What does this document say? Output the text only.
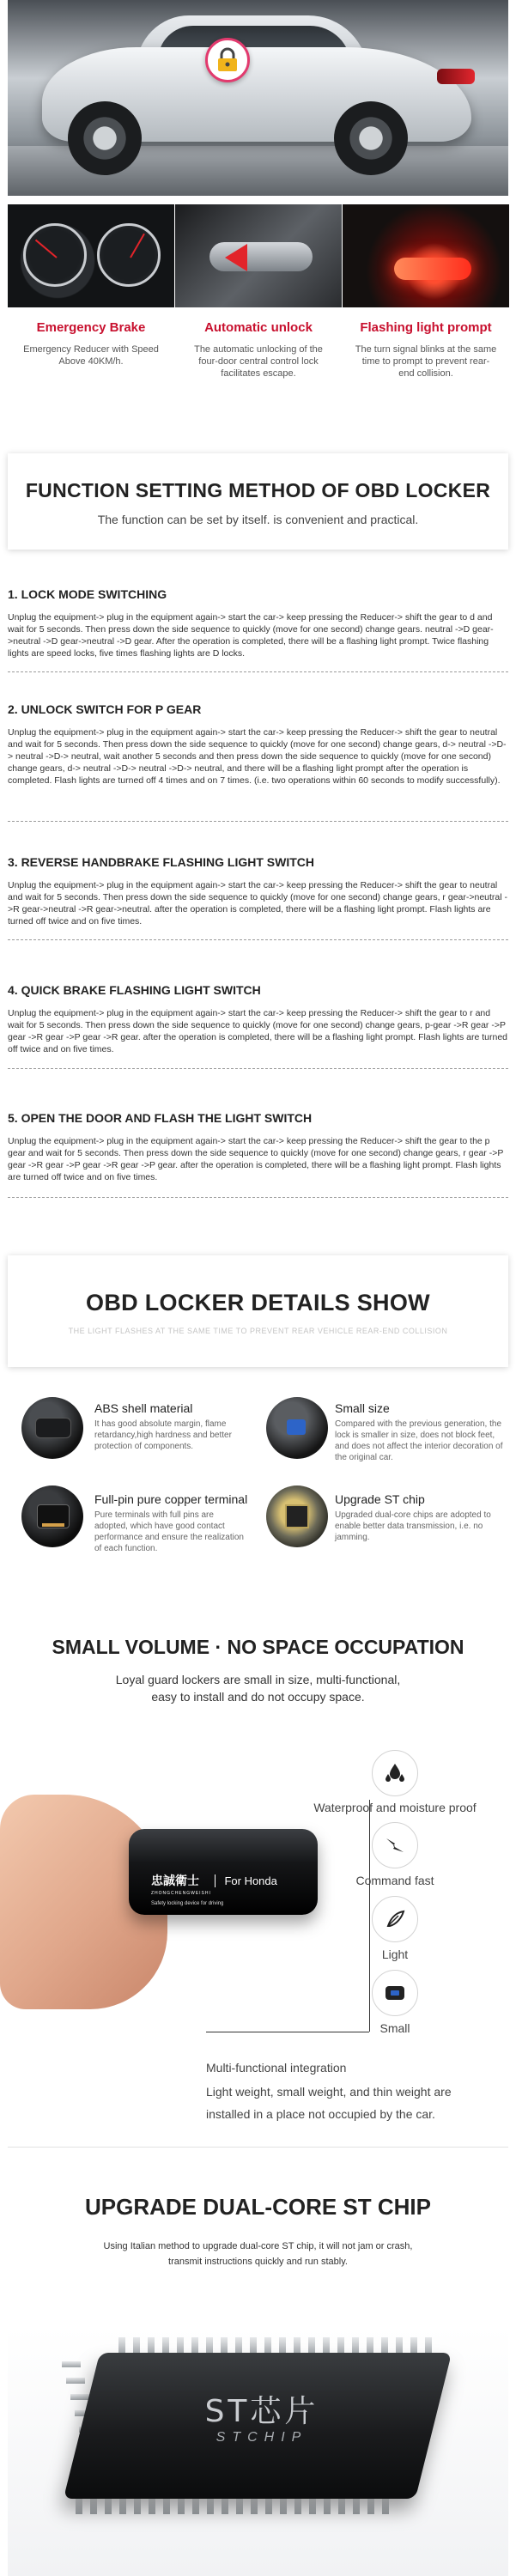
Emergency Brake	Automatic unlock	Flashing light prompt
Emergency Reducer with Speed Above 40KM/h.
The automatic unlocking of the four-door central control lock facilitates escape.
The turn signal blinks at the same time to prompt to prevent rear-end collision.
FUNCTION SETTING METHOD OF OBD LOCKER
The function can be set by itself. is convenient and practical.
1. LOCK MODE SWITCHING
Unplug the equipment-> plug in the equipment again-> start the car-> keep pressing the Reducer-> shift the gear to d and wait for 5 seconds. Then press down the side sequence to quickly (move for one second) change gears. neutral ->D gear->neutral ->D gear->neutral ->D gear. After the operation is completed, there will be a flashing light prompt. Twice flashing lights are speed locks, five times flashing lights are D locks.
2. UNLOCK SWITCH FOR P GEAR
Unplug the equipment-> plug in the equipment again-> start the car-> keep pressing the Reducer-> shift the gear to neutral and wait for 5 seconds. Then press down the side sequence to quickly (move for one second) change gears, d-> neutral ->D-> neutral ->D-> neutral, wait another 5 seconds and then press down the side sequence to quickly (move for one second) change gears, d-> neutral ->D-> neutral ->D-> neutral, and there will be a flashing light prompt after the operation is completed. Flash lights are turned off 4 times and on 7 times. (i.e. two operations within 60 seconds to modify successfully).
3. REVERSE HANDBRAKE FLASHING LIGHT SWITCH
Unplug the equipment-> plug in the equipment again-> start the car-> keep pressing the Reducer-> shift the gear to neutral and wait for 5 seconds. Then press down the side sequence to quickly (move for one second) change gears, r gear->neutral ->R gear->neutral ->R gear->neutral. after the operation is completed, there will be a flashing light prompt. Flash lights are turned off twice and on five times.
4. QUICK BRAKE FLASHING LIGHT SWITCH
Unplug the equipment-> plug in the equipment again-> start the car-> keep pressing the Reducer-> shift the gear to r and wait for 5 seconds. Then press down the side sequence to quickly (move for one second) change gears, p-gear ->R gear ->P gear ->R gear ->P gear ->R gear. after the operation is completed, there will be a flashing light prompt. Flash lights are turned off twice and on five times.
5. OPEN THE DOOR AND FLASH THE LIGHT SWITCH
Unplug the equipment-> plug in the equipment again-> start the car-> keep pressing the Reducer-> shift the gear to the p gear and wait for 5 seconds. Then press down the side sequence to quickly (move for one second) change gears, r gear ->P gear ->R gear ->P gear ->R gear ->P gear. after the operation is completed, there will be a flashing light prompt. Flash lights are turned off twice and on five times.
OBD LOCKER DETAILS SHOW
THE LIGHT FLASHES AT THE SAME TIME TO PREVENT REAR VEHICLE REAR-END COLLISION
ABS shell material
It has good absolute margin, flame retardancy,high hardness and better protection of components.
Small size
Compared with the previous generation, the lock is smaller in size, does not block feet, and does not affect the interior decoration of the original car.
Full-pin pure copper terminal
Pure terminals with full pins are adopted, which have good contact performance and ensure the realization of each function.
Upgrade ST chip
Upgraded dual-core chips are adopted to enable better data transmission, i.e. no jamming.
SMALL VOLUME · NO SPACE OCCUPATION
Loyal guard lockers are small in size, multi-functional,
easy to install and do not occupy space.
忠誠衛士 For Honda
ZHONGCHENGWEISHI
Safety locking device for driving
Waterproof and moisture proof
Command fast
Light
Small
Multi-functional integration
Light weight, small weight, and thin weight are
installed in a place not occupied by the car.
UPGRADE DUAL-CORE ST CHIP
Using Italian method to upgrade dual-core ST chip, it will not jam or crash,
transmit instructions quickly and run stably.
ST芯片
STCHIP
